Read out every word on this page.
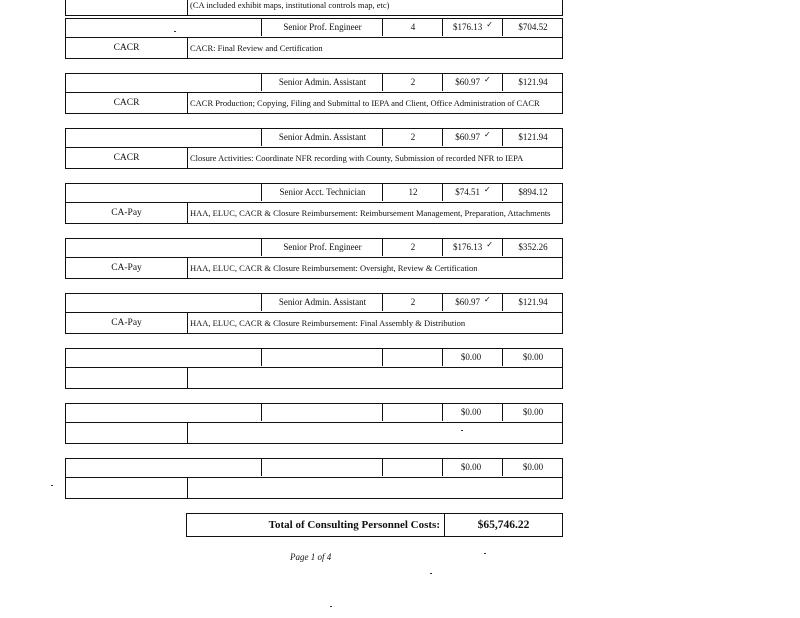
(CA included exhibit maps, institutional controls map, etc)
Senior Prof. Engineer	4	$176.13 ✓	$704.52
CACR	CACR: Final Review and Certification
Senior Admin. Assistant	2	$60.97 ✓	$121.94
CACR	CACR Production; Copying, Filing and Submittal to IEPA and Client, Office Administration of CACR
Senior Admin. Assistant	2	$60.97 ✓	$121.94
CACR	Closure Activities: Coordinate NFR recording with County, Submission of recorded NFR to IEPA
Senior Acct. Technician	12	$74.51 ✓	$894.12
CA-Pay	HAA, ELUC, CACR & Closure Reimbursement: Reimbursement Management, Preparation, Attachments
Senior Prof. Engineer	2	$176.13 ✓	$352.26
CA-Pay	HAA, ELUC, CACR & Closure Reimbursement: Oversight, Review & Certification
Senior Admin. Assistant	2	$60.97 ✓	$121.94
CA-Pay	HAA, ELUC, CACR & Closure Reimbursement: Final Assembly & Distribution
$0.00	$0.00
$0.00	$0.00
$0.00	$0.00
Total of Consulting Personnel Costs:	$65,746.22
Page 1 of 4
